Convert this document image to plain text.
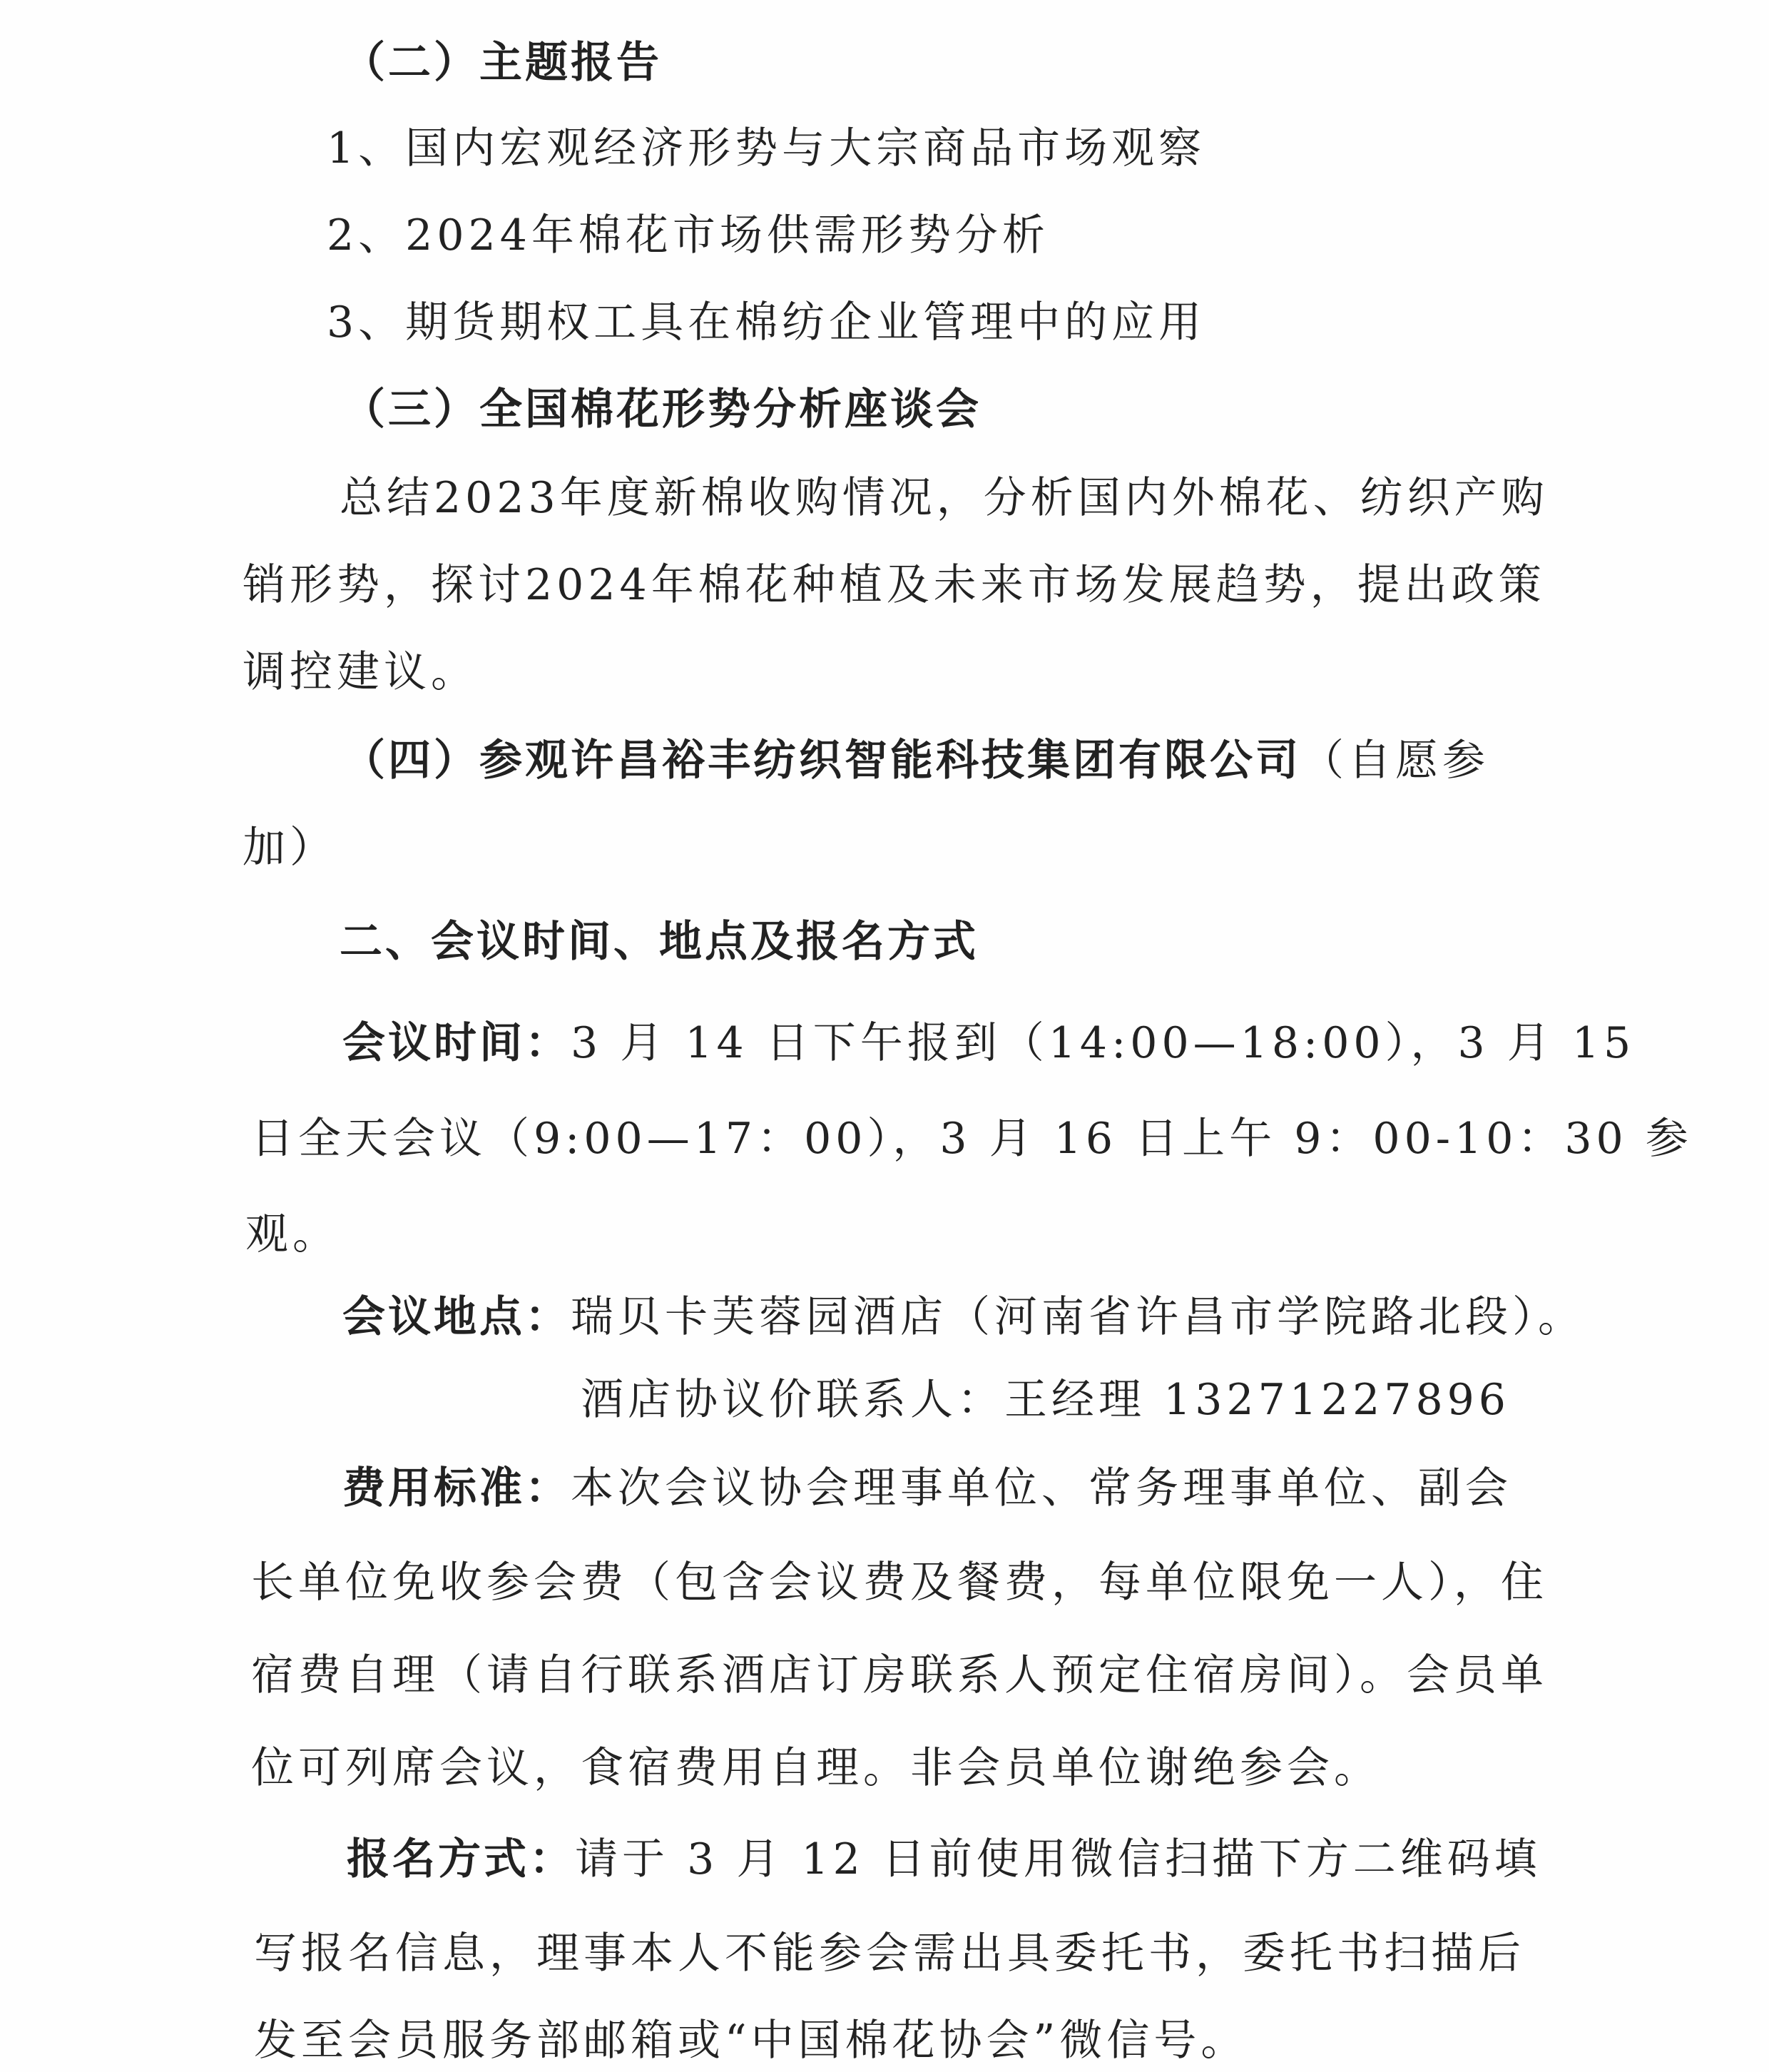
（二）主题报告
1、国内宏观经济形势与大宗商品市场观察
2、2024年棉花市场供需形势分析
3、期货期权工具在棉纺企业管理中的应用
（三）全国棉花形势分析座谈会
总结2023年度新棉收购情况，分析国内外棉花、纺织产购
销形势，探讨2024年棉花种植及未来市场发展趋势，提出政策
调控建议。
（四）参观许昌裕丰纺织智能科技集团有限公司（自愿参
加）
二、会议时间、地点及报名方式
会议时间：3 月 14 日下午报到（14:00—18:00），3 月 15
日全天会议（9:00—17：00），3 月 16 日上午 9：00-10：30 参
观。
会议地点：瑞贝卡芙蓉园酒店（河南省许昌市学院路北段）。
酒店协议价联系人：王经理 13271227896
费用标准：本次会议协会理事单位、常务理事单位、副会
长单位免收参会费（包含会议费及餐费，每单位限免一人），住
宿费自理（请自行联系酒店订房联系人预定住宿房间）。会员单
位可列席会议，食宿费用自理。非会员单位谢绝参会。
报名方式：请于 3 月 12 日前使用微信扫描下方二维码填
写报名信息，理事本人不能参会需出具委托书，委托书扫描后
发至会员服务部邮箱或“中国棉花协会”微信号。
